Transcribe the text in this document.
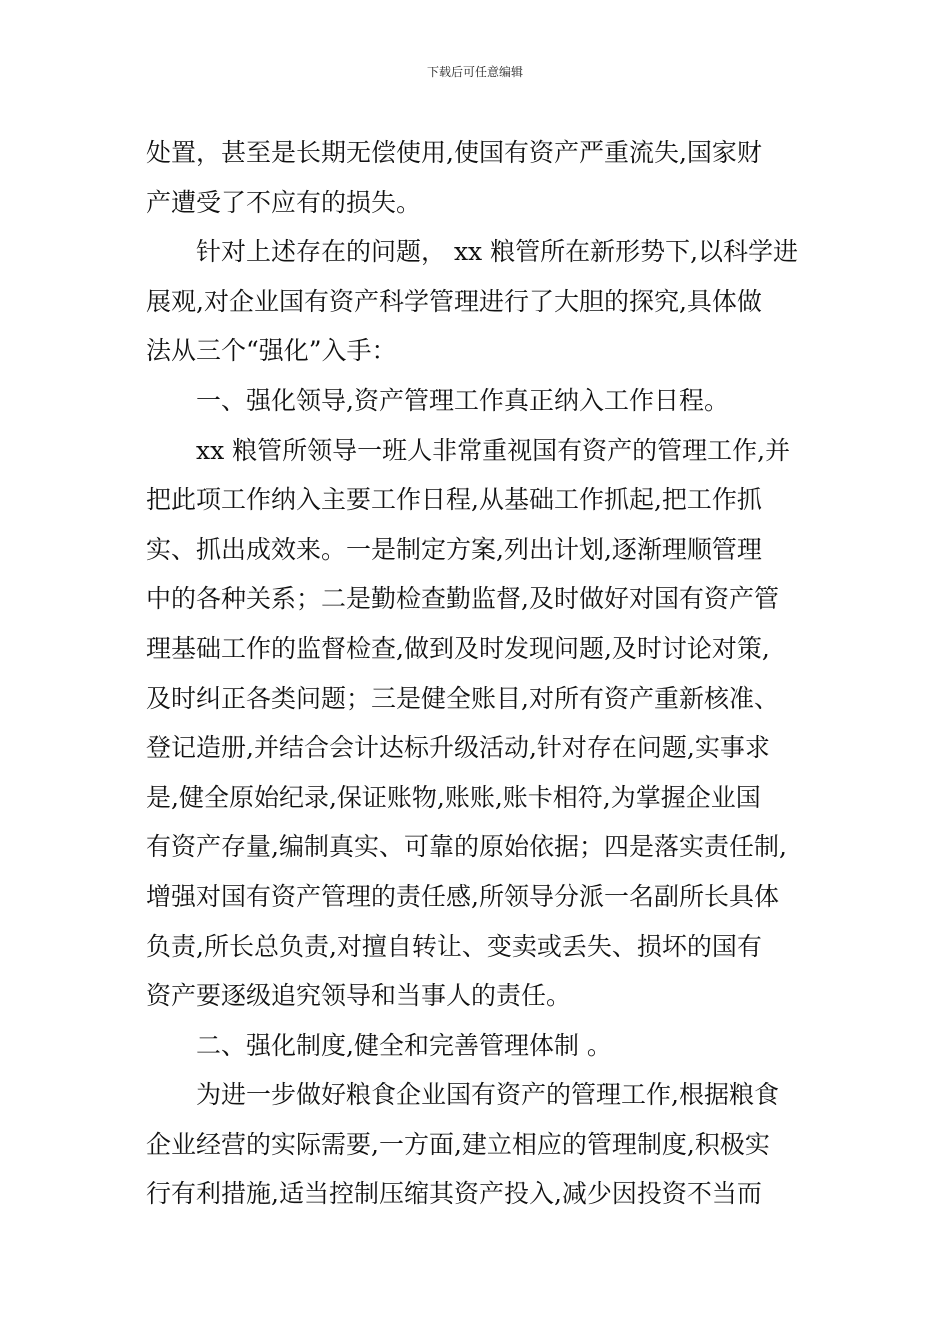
下载后可任意编辑
处置，甚至是长期无偿使用,使国有资产严重流失,国家财
产遭受了不应有的损失。
针对上述存在的问题， xx 粮管所在新形势下,以科学进
展观,对企业国有资产科学管理进行了大胆的探究,具体做
法从三个“强化”入手：
一、强化领导,资产管理工作真正纳入工作日程。
xx 粮管所领导一班人非常重视国有资产的管理工作,并
把此项工作纳入主要工作日程,从基础工作抓起,把工作抓
实、抓出成效来。一是制定方案,列出计划,逐渐理顺管理
中的各种关系；二是勤检查勤监督,及时做好对国有资产管
理基础工作的监督检查,做到及时发现问题,及时讨论对策,
及时纠正各类问题；三是健全账目,对所有资产重新核准、
登记造册,并结合会计达标升级活动,针对存在问题,实事求
是,健全原始纪录,保证账物,账账,账卡相符,为掌握企业国
有资产存量,编制真实、可靠的原始依据；四是落实责任制,
增强对国有资产管理的责任感,所领导分派一名副所长具体
负责,所长总负责,对擅自转让、变卖或丢失、损坏的国有
资产要逐级追究领导和当事人的责任。
二、强化制度,健全和完善管理体制 。
为进一步做好粮食企业国有资产的管理工作,根据粮食
企业经营的实际需要,一方面,建立相应的管理制度,积极实
行有利措施,适当控制压缩其资产投入,减少因投资不当而
